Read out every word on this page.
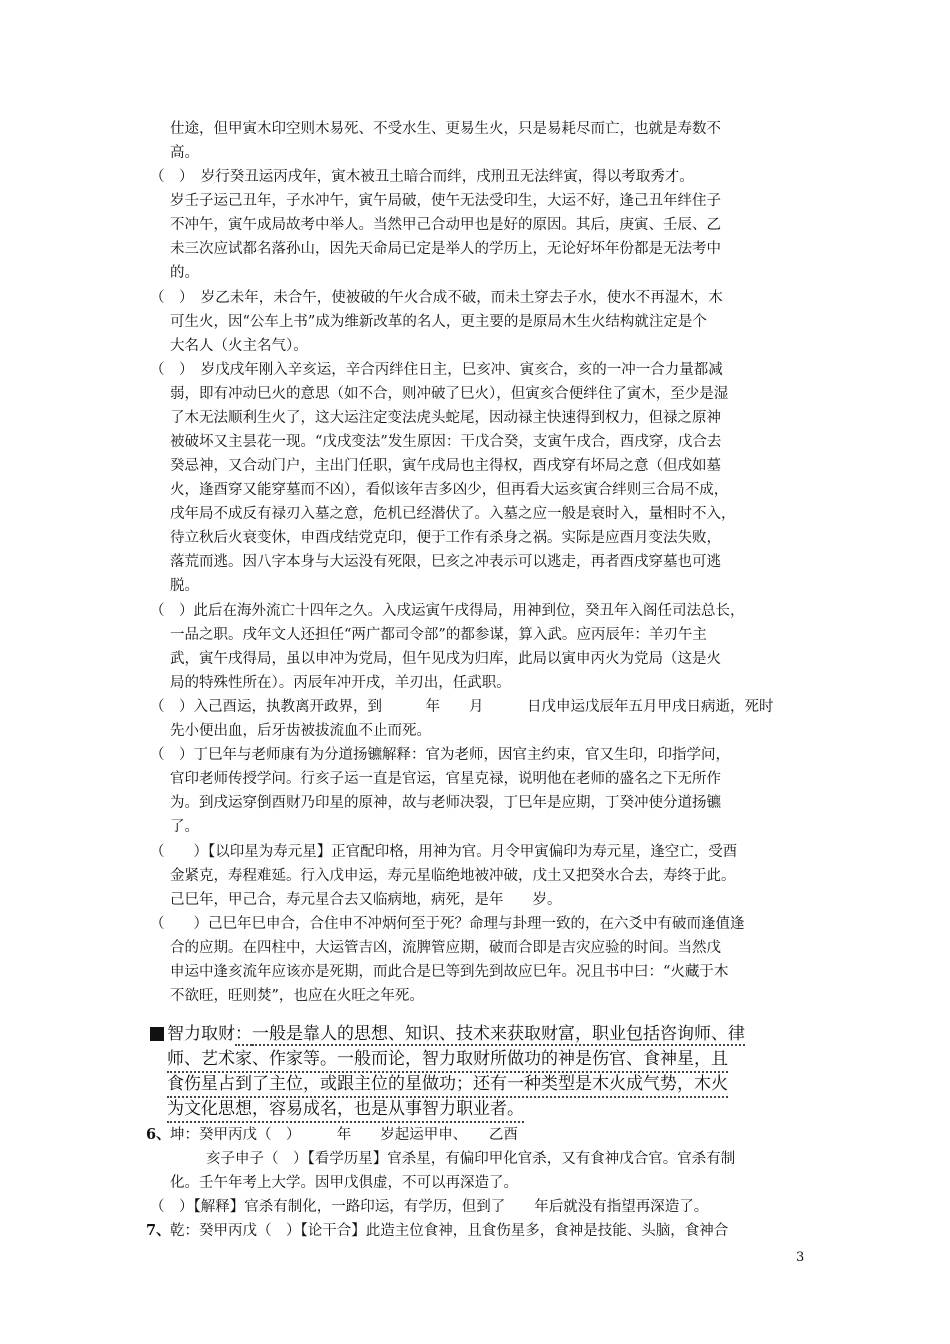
仕途，但甲寅木印空则木易死、不受水生、更易生火，只是易耗尽而亡，也就是寿数不
高。
（　）　岁行癸丑运丙戌年，寅木被丑土暗合而绊，戌刑丑无法绊寅，得以考取秀才。
岁壬子运己丑年，子水冲午，寅午局破，使午无法受印生，大运不好，逢己丑年绊住子
不冲午，寅午成局故考中举人。当然甲己合动甲也是好的原因。其后，庚寅、壬辰、乙
未三次应试都名落孙山，因先天命局已定是举人的学历上，无论好坏年份都是无法考中
的。
（　）　岁乙未年，未合午，使被破的午火合成不破，而未土穿去子水，使水不再湿木，木
可生火，因“公车上书”成为维新改革的名人，更主要的是原局木生火结构就注定是个
大名人（火主名气）。
（　）　岁戊戌年刚入辛亥运，辛合丙绊住日主，巳亥冲、寅亥合，亥的一冲一合力量都减
弱，即有冲动巳火的意思（如不合，则冲破了巳火），但寅亥合便绊住了寅木，至少是湿
了木无法顺利生火了，这大运注定变法虎头蛇尾，因动禄主快速得到权力，但禄之原神
被破坏又主昙花一现。“戊戌变法”发生原因：干戊合癸，支寅午戌合，酉戌穿，戊合去
癸忌神，又合动门户，主出门任职，寅午戌局也主得权，酉戌穿有坏局之意（但戌如墓
火，逢酉穿又能穿墓而不凶），看似该年吉多凶少，但再看大运亥寅合绊则三合局不成，
戌年局不成反有禄刃入墓之意，危机已经潜伏了。入墓之应一般是衰时入，量相时不入，
待立秋后火衰变休，申酉戌结党克印，便于工作有杀身之祸。实际是应酉月变法失败，
落荒而逃。因八字本身与大运没有死限，巳亥之冲表示可以逃走，再者酉戌穿墓也可逃
脱。
（　）此后在海外流亡十四年之久。入戌运寅午戌得局，用神到位，癸丑年入阁任司法总长，
一品之职。戌年文人还担任“两广都司令部”的都参谋，算入武。应丙辰年：羊刃午主
武，寅午戌得局，虽以申冲为党局，但午见戌为归库，此局以寅申丙火为党局（这是火
局的特殊性所在）。丙辰年冲开戌，羊刃出，任武职。
（　）入己酉运，执教离开政界，到　　　年　　月　　　日戊申运戊辰年五月甲戌日病逝，死时
先小便出血，后牙齿被拔流血不止而死。
（　）丁巳年与老师康有为分道扬镳解释：官为老师，因官主约束，官又生印，印指学问，
官印老师传授学问。行亥子运一直是官运，官星克禄，说明他在老师的盛名之下无所作
为。到戌运穿倒酉财乃印星的原神，故与老师决裂，丁巳年是应期，丁癸冲使分道扬镳
了。
（　　）【以印星为寿元星】正官配印格，用神为官。月令甲寅偏印为寿元星，逢空亡，受酉
金紧克，寿程难延。行入戊申运，寿元星临绝地被冲破，戊土又把癸水合去，寿终于此。
己巳年，甲己合，寿元星合去又临病地，病死，是年　　岁。
（　　）己巳年巳申合，合住申不冲炳何至于死？命理与卦理一致的，在六爻中有破而逢值逢
合的应期。在四柱中，大运管吉凶，流脾管应期，破而合即是吉灾应验的时间。当然戊
申运中逢亥流年应该亦是死期，而此合是巳等到先到故应巳年。况且书中曰：“火藏于木
不欲旺，旺则焚”，也应在火旺之年死。
智力取财：一般是靠人的思想、知识、技术来获取财富，职业包括咨询师、律
师、艺术家、作家等。一般而论，智力取财所做功的神是伤官、食神星，且
食伤星占到了主位，或跟主位的星做功；还有一种类型是木火成气势，木火
为文化思想，容易成名，也是从事智力职业者。
6、 坤：癸甲丙戊（　）　　　年　　岁起运甲申、　　乙酉
亥子申子（　）【看学历星】官杀星，有偏印甲化官杀，又有食神戊合官。官杀有制
化。壬午年考上大学。因甲戊俱虚，不可以再深造了。
（　）【解释】官杀有制化，一路印运，有学历，但到了　　年后就没有指望再深造了。
7、 乾：癸甲丙戊（　）【论干合】此造主位食神，且食伤星多，食神是技能、头脑，食神合
3
